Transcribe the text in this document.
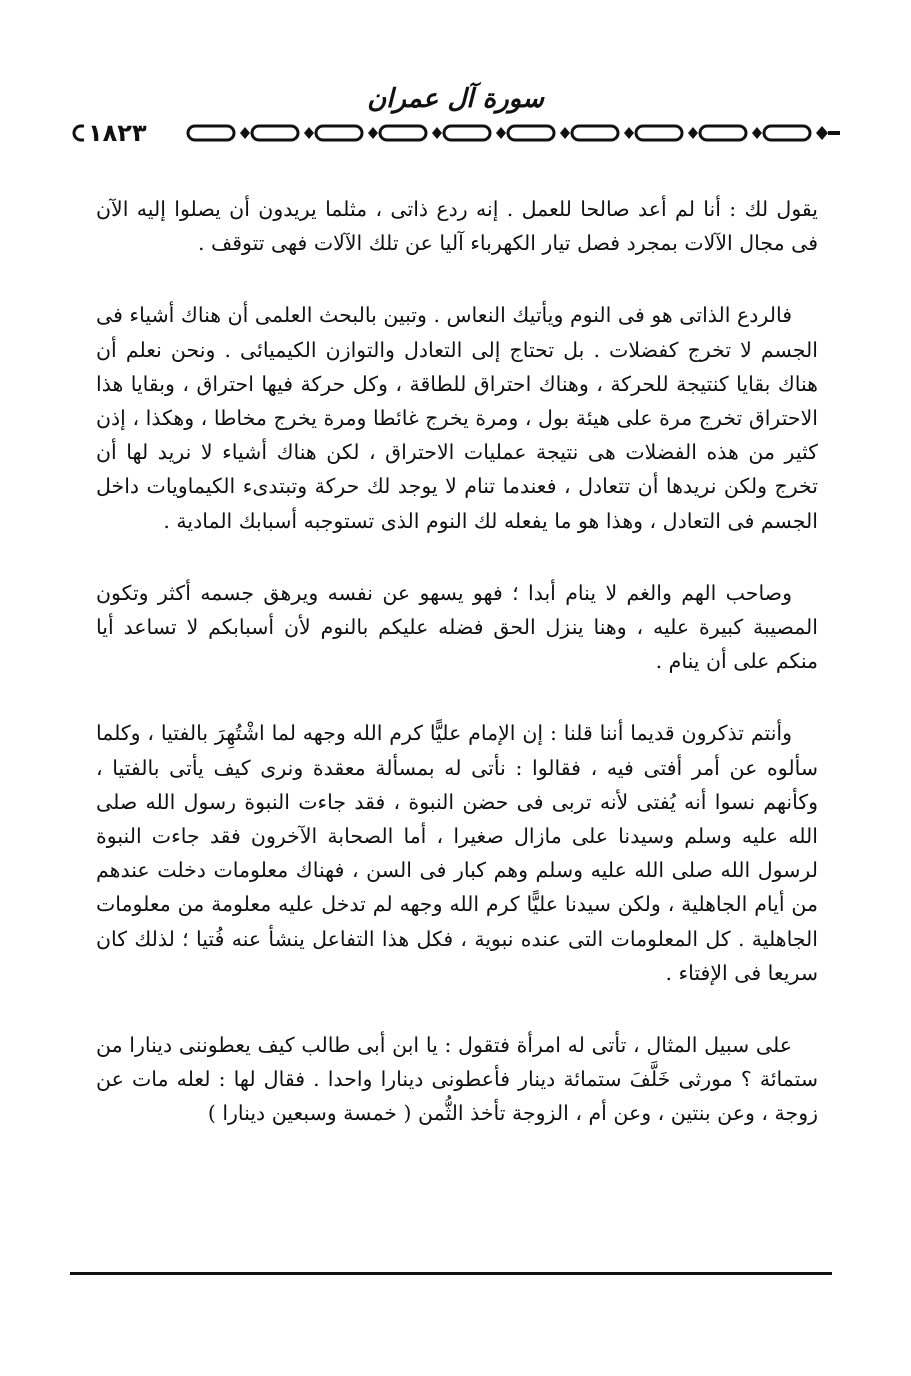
سورة آل عمران
١٨٢٣

يقول لك : أنا لم أعد صالحا للعمل . إنه ردع ذاتى ، مثلما يريدون أن يصلوا إليه الآن فى مجال الآلات بمجرد فصل تيار الكهرباء آليا عن تلك الآلات فهى تتوقف .

فالردع الذاتى هو فى النوم ويأتيك النعاس . وتبين بالبحث العلمى أن هناك أشياء فى الجسم لا تخرج كفضلات . بل تحتاج إلى التعادل والتوازن الكيميائى . ونحن نعلم أن هناك بقايا كنتيجة للحركة ، وهناك احتراق للطاقة ، وكل حركة فيها احتراق ، وبقايا هذا الاحتراق تخرج مرة على هيئة بول ، ومرة يخرج غائطا ومرة يخرج مخاطا ، وهكذا ، إذن كثير من هذه الفضلات هى نتيجة عمليات الاحتراق ، لكن هناك أشياء لا نريد لها أن تخرج ولكن نريدها أن تتعادل ، فعندما تنام لا يوجد لك حركة وتبتدىء الكيماويات داخل الجسم فى التعادل ، وهذا هو ما يفعله لك النوم الذى تستوجبه أسبابك المادية .

وصاحب الهم والغم لا ينام أبدا ؛ فهو يسهو عن نفسه ويرهق جسمه أكثر وتكون المصيبة كبيرة عليه ، وهنا ينزل الحق فضله عليكم بالنوم لأن أسبابكم لا تساعد أيا منكم على أن ينام .

وأنتم تذكرون قديما أننا قلنا : إن الإمام عليًّا كرم الله وجهه لما اشْتُهِرَ بالفتيا ، وكلما سألوه عن أمر أفتى فيه ، فقالوا : نأتى له بمسألة معقدة ونرى كيف يأتى بالفتيا ، وكأنهم نسوا أنه يُفتى لأنه تربى فى حضن النبوة ، فقد جاءت النبوة رسول الله صلى الله عليه وسلم وسيدنا على مازال صغيرا ، أما الصحابة الآخرون فقد جاءت النبوة لرسول الله صلى الله عليه وسلم وهم كبار فى السن ، فهناك معلومات دخلت عندهم من أيام الجاهلية ، ولكن سيدنا عليًّا كرم الله وجهه لم تدخل عليه معلومة من معلومات الجاهلية . كل المعلومات التى عنده نبوية ، فكل هذا التفاعل ينشأ عنه فُتيا ؛ لذلك كان سريعا فى الإفتاء .

على سبيل المثال ، تأتى له امرأة فتقول : يا ابن أبى طالب كيف يعطوننى دينارا من ستمائة ؟ مورثى خَلَّفَ ستمائة دينار فأعطونى دينارا واحدا . فقال لها : لعله مات عن زوجة ، وعن بنتين ، وعن أم ، الزوجة تأخذ الثُّمن ( خمسة وسبعين دينارا )
